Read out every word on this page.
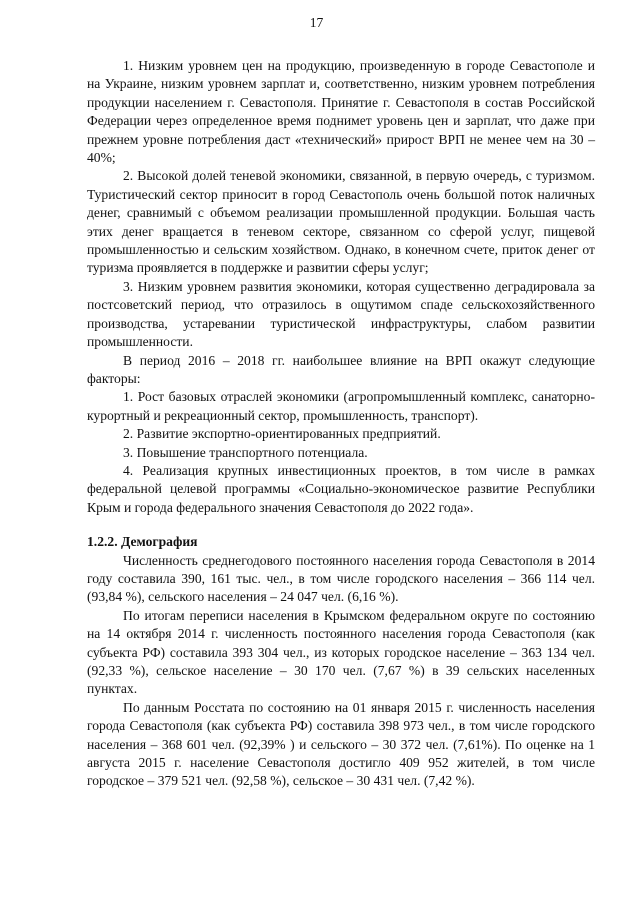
17

1. Низким уровнем цен на продукцию, произведенную в городе Севастополе и на Украине, низким уровнем зарплат и, соответственно, низким уровнем потребления продукции населением г. Севастополя. Принятие г. Севастополя в состав Российской Федерации через определенное время поднимет уровень цен и зарплат, что даже при прежнем уровне потребления даст «технический» прирост ВРП не менее чем на 30 – 40%;

2. Высокой долей теневой экономики, связанной, в первую очередь, с туризмом. Туристический сектор приносит в город Севастополь очень большой поток наличных денег, сравнимый с объемом реализации промышленной продукции. Большая часть этих денег вращается в теневом секторе, связанном со сферой услуг, пищевой промышленностью и сельским хозяйством. Однако, в конечном счете, приток денег от туризма проявляется в поддержке и развитии сферы услуг;

3. Низким уровнем развития экономики, которая существенно деградировала за постсоветский период, что отразилось в ощутимом спаде сельскохозяйственного производства, устаревании туристической инфраструктуры, слабом развитии промышленности.

В период 2016 – 2018 гг. наибольшее влияние на ВРП окажут следующие факторы:

1. Рост базовых отраслей экономики (агропромышленный комплекс, санаторно-курортный и рекреационный сектор, промышленность, транспорт).

2. Развитие экспортно-ориентированных предприятий.

3. Повышение транспортного потенциала.

4. Реализация крупных инвестиционных проектов, в том числе в рамках федеральной целевой программы «Социально-экономическое развитие Республики Крым и города федерального значения Севастополя до 2022 года».

1.2.2. Демография

Численность среднегодового постоянного населения города Севастополя в 2014 году составила 390, 161 тыс. чел., в том числе городского населения – 366 114 чел. (93,84 %), сельского населения – 24 047 чел. (6,16 %).

По итогам переписи населения в Крымском федеральном округе по состоянию на 14 октября 2014 г. численность постоянного населения города Севастополя (как субъекта РФ) составила 393 304 чел., из которых городское население – 363 134 чел. (92,33 %), сельское население – 30 170 чел. (7,67 %) в 39 сельских населенных пунктах.

По данным Росстата по состоянию на 01 января 2015 г. численность населения города Севастополя (как субъекта РФ) составила 398 973 чел., в том числе городского населения – 368 601 чел. (92,39% ) и сельского – 30 372 чел. (7,61%). По оценке на 1 августа 2015 г. население Севастополя достигло 409 952 жителей, в том числе городское – 379 521 чел. (92,58 %), сельское – 30 431 чел. (7,42 %).
